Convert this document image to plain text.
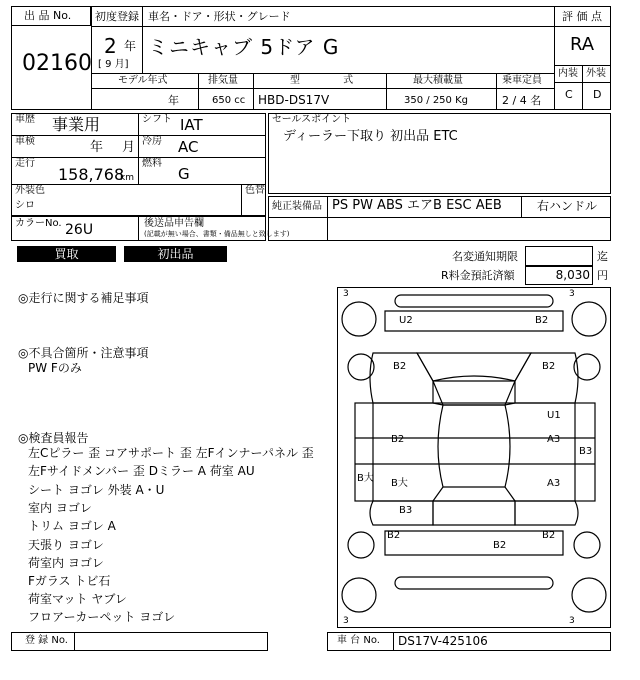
出 品 No.
02160
初度登録
2 年
[ 9 月]
車名・ドア・形状・グレード
ミニキャブ 5ドア G
モデル年式	排気量	型 式	最大積載量	乗車定員
年	650 cc HBD-DS17V	350 / 250 Kg	2 / 4 名
評 価 点
RA
内装 外装
C D
車歴 事業用	シフト IAT
車検	年 月 冷房 AC
走行
158,768
km
燃料
G
外装色
シロ
色替
カラーNo. 26U	後送品申告欄
(記載が無い場合、書類・備品無しと致します)
セールスポイント
ディーラー下取り 初出品 ETC
純正装備品 PS PW ABS エアB ESC AEB	右ハンドル
買取	初出品	名変通知期限	迄
R料金預託済額	8,030 円
◎走行に関する補足事項
◎不具合箇所・注意事項
PW Fのみ
◎検査員報告
左Cピラー 歪 コアサポート 歪 左Fインナーパネル 歪
左Fサイドメンバー 歪 Dミラー A 荷室 AU
シート ヨゴレ 外装 A・U
室内 ヨゴレ
トリム ヨゴレ A
天張り ヨゴレ
荷室内 ヨゴレ
Fガラス トビ石
荷室マット ヤブレ
フロアーカーペット ヨゴレ
3	3
3	3
U2	B2
B2	B2
U1
B2	A3
B3
A3
B大 B大
B3
B2
B2
B2
登 録 No.	車 台 No. DS17V-425106
